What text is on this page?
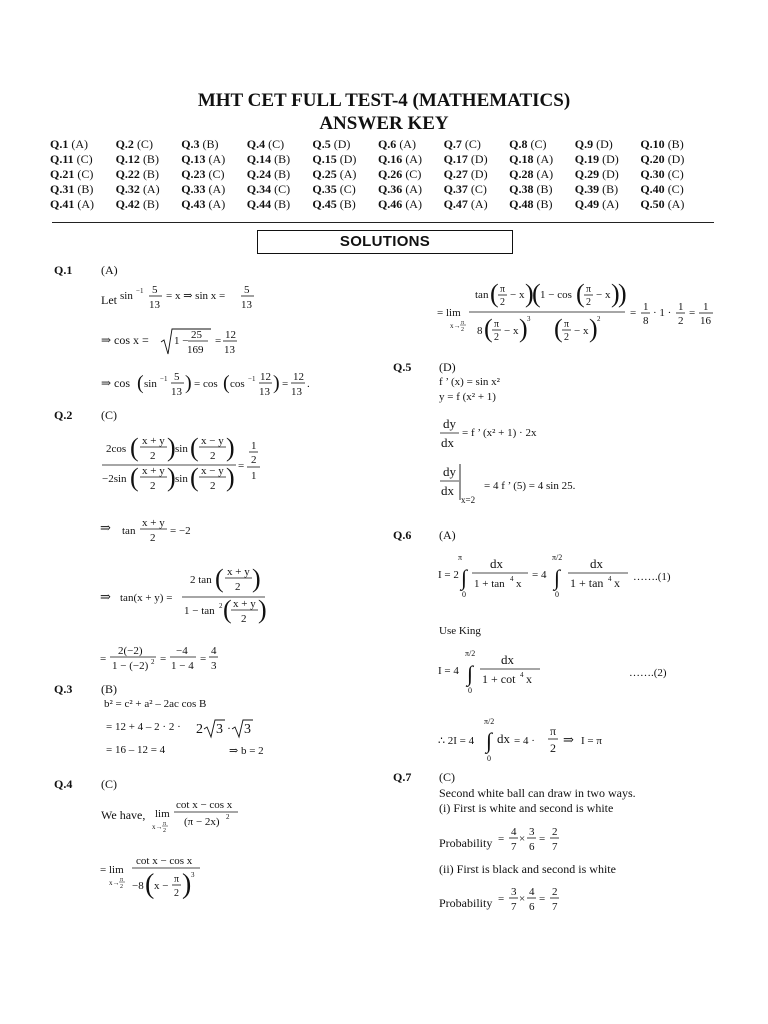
MHT CET FULL TEST-4 (MATHEMATICS)
ANSWER KEY
Q.1 (A)	Q.2 (C)	Q.3 (B)	Q.4 (C)	Q.5 (D)	Q.6 (A)	Q.7 (C)	Q.8 (C)	Q.9 (D)	Q.10 (B)
Q.11 (C)	Q.12 (B)	Q.13 (A)	Q.14 (B)	Q.15 (D)	Q.16 (A)	Q.17 (D)	Q.18 (A)	Q.19 (D)	Q.20 (D)
Q.21 (C)	Q.22 (B)	Q.23 (C)	Q.24 (B)	Q.25 (A)	Q.26 (C)	Q.27 (D)	Q.28 (A)	Q.29 (D)	Q.30 (C)
Q.31 (B)	Q.32 (A)	Q.33 (A)	Q.34 (C)	Q.35 (C)	Q.36 (A)	Q.37 (C)	Q.38 (B)	Q.39 (B)	Q.40 (C)
Q.41 (A)	Q.42 (B)	Q.43 (A)	Q.44 (B)	Q.45 (B)	Q.46 (A)	Q.47 (A)	Q.48 (B)	Q.49 (A)	Q.50 (A)
SOLUTIONS
Q.1 (A)
Let sin −1 5
13
= x ⇒ sin x = 5
13
⇒ cos x = 1 − 25
169
= 12
13
⇒ cos ( sin −1 5
13 ) = cos ( cos −1 12
13 ) =
12
13
.
Q.2 (C)
2cos ( x + y
2 ) sin ( x − y
2 )
−2sin ( x + y
2 ) sin ( x − y
2 ) =
1
2
1
⇒ tan
x + y
2
= −2
⇒ tan(x + y) =
2 tan ( x + y
2 )
1 − tan 2 ( x + y
2 )
=
2(−2)
1 − (−2) 2 =
−4
1 − 4
=
4
3
Q.3 (B)
b² = c² + a² – 2ac cos B
= 12 + 4 – 2 · 2 · 2 3 · 3
= 16 – 12 = 4	⇒ b = 2
Q.4 (C)
We have, lim
x→ π
2
cot x − cos x
(π − 2x) 2
= lim
x→ π
2
cot x − cos x
−8 ( x −
π
2 ) 3
= lim
x→ π
2
tan ( π
2
− x )
( 1 − cos ( π
2
− x )
)
8 ( π
2
− x ) 3 ( π
2
− x ) 2	= 1
8
· 1 · 1
2
= 1
16
Q.5 (D)
f ’ (x) = sin x²
y = f (x² + 1)
dy
dx
= f ’ (x² + 1) · 2x
dy
dx
x=2
= 4 f ’ (5) = 4 sin 25.
Q.6 (A)
I = 2
π
∫
0
dx
1 + tan 4 x
= 4
π/2
∫
0
dx
1 + tan 4 x …….(1)
Use King
I = 4
π/2
∫
0
dx
1 + cot 4 x	…….(2)
∴ 2I = 4
π/2
∫ dx
0
= 4 ·
π
2
⇒ I = π
Q.7 (C)
Second white ball can draw in two ways.
(i) First is white and second is white
Probability =
4
7
×
3
6
=
2
7
(ii) First is black and second is white
Probability =
3
7
×
4
6
=
2
7
